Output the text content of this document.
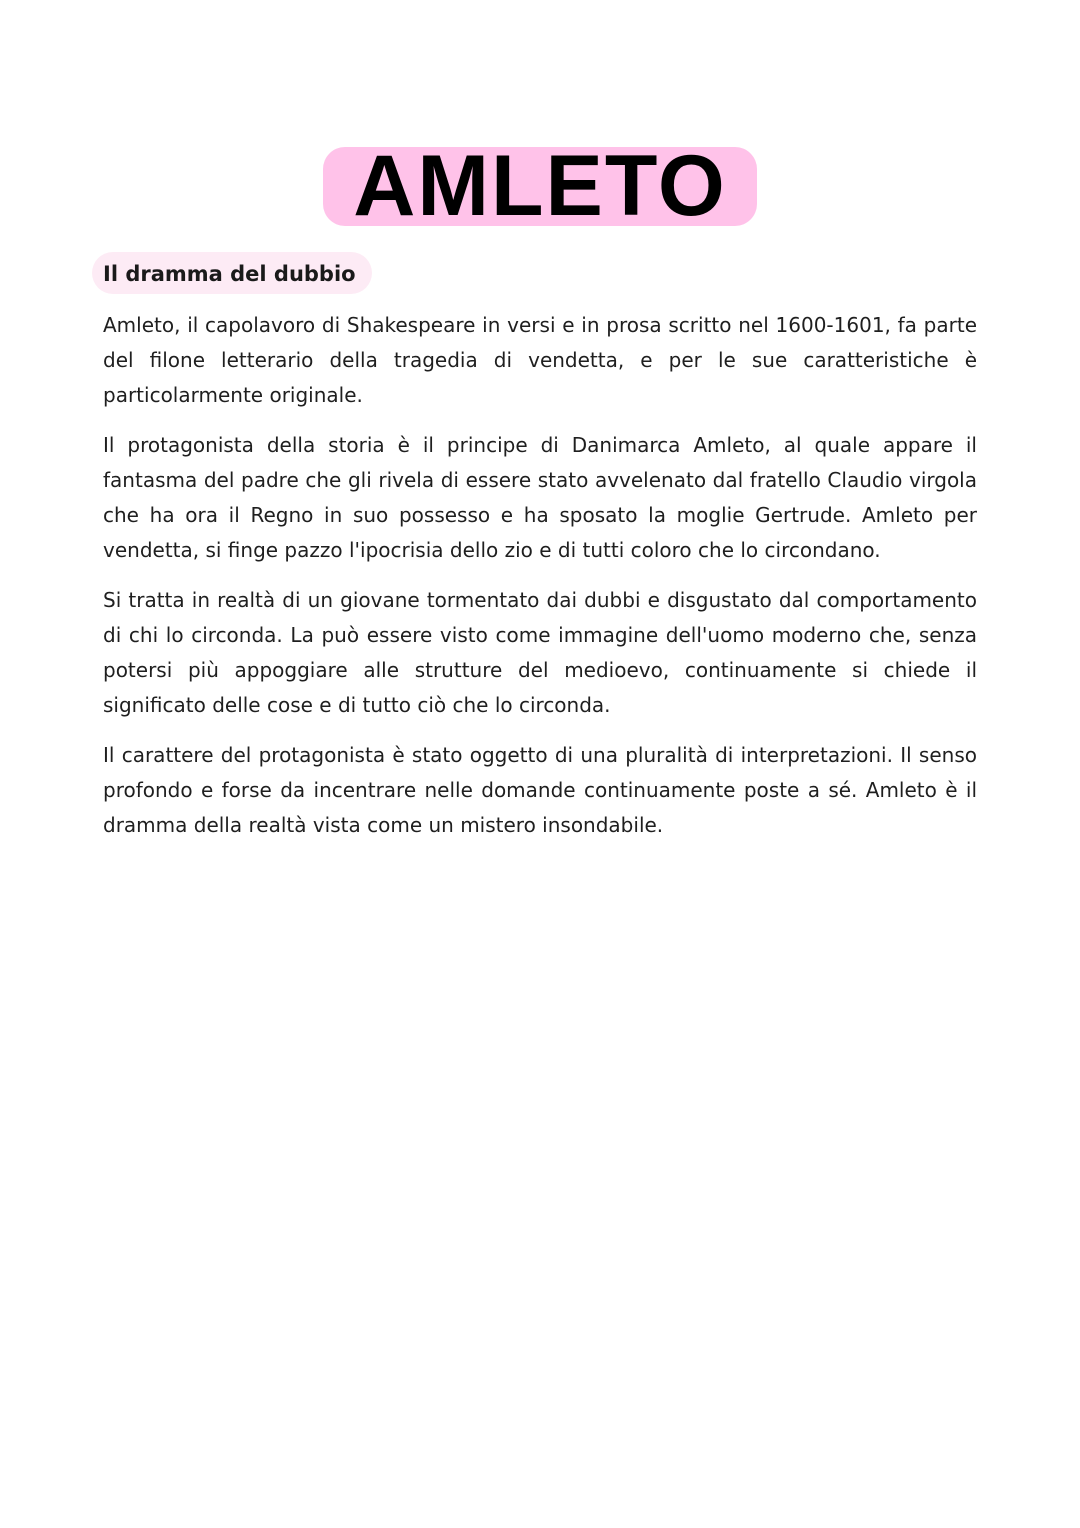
AMLETO
Il dramma del dubbio

Amleto, il capolavoro di Shakespeare in versi e in prosa scritto nel 1600-1601, fa parte del filone letterario della tragedia di vendetta, e per le sue caratteristiche è particolarmente originale.

Il protagonista della storia è il principe di Danimarca Amleto, al quale appare il fantasma del padre che gli rivela di essere stato avvelenato dal fratello Claudio virgola che ha ora il Regno in suo possesso e ha sposato la moglie Gertrude. Amleto per vendetta, si finge pazzo l'ipocrisia dello zio e di tutti coloro che lo circondano.

Si tratta in realtà di un giovane tormentato dai dubbi e disgustato dal comportamento di chi lo circonda. La può essere visto come immagine dell'uomo moderno che, senza potersi più appoggiare alle strutture del medioevo, continuamente si chiede il significato delle cose e di tutto ciò che lo circonda.

Il carattere del protagonista è stato oggetto di una pluralità di interpretazioni. Il senso profondo e forse da incentrare nelle domande continuamente poste a sé. Amleto è il dramma della realtà vista come un mistero insondabile.
